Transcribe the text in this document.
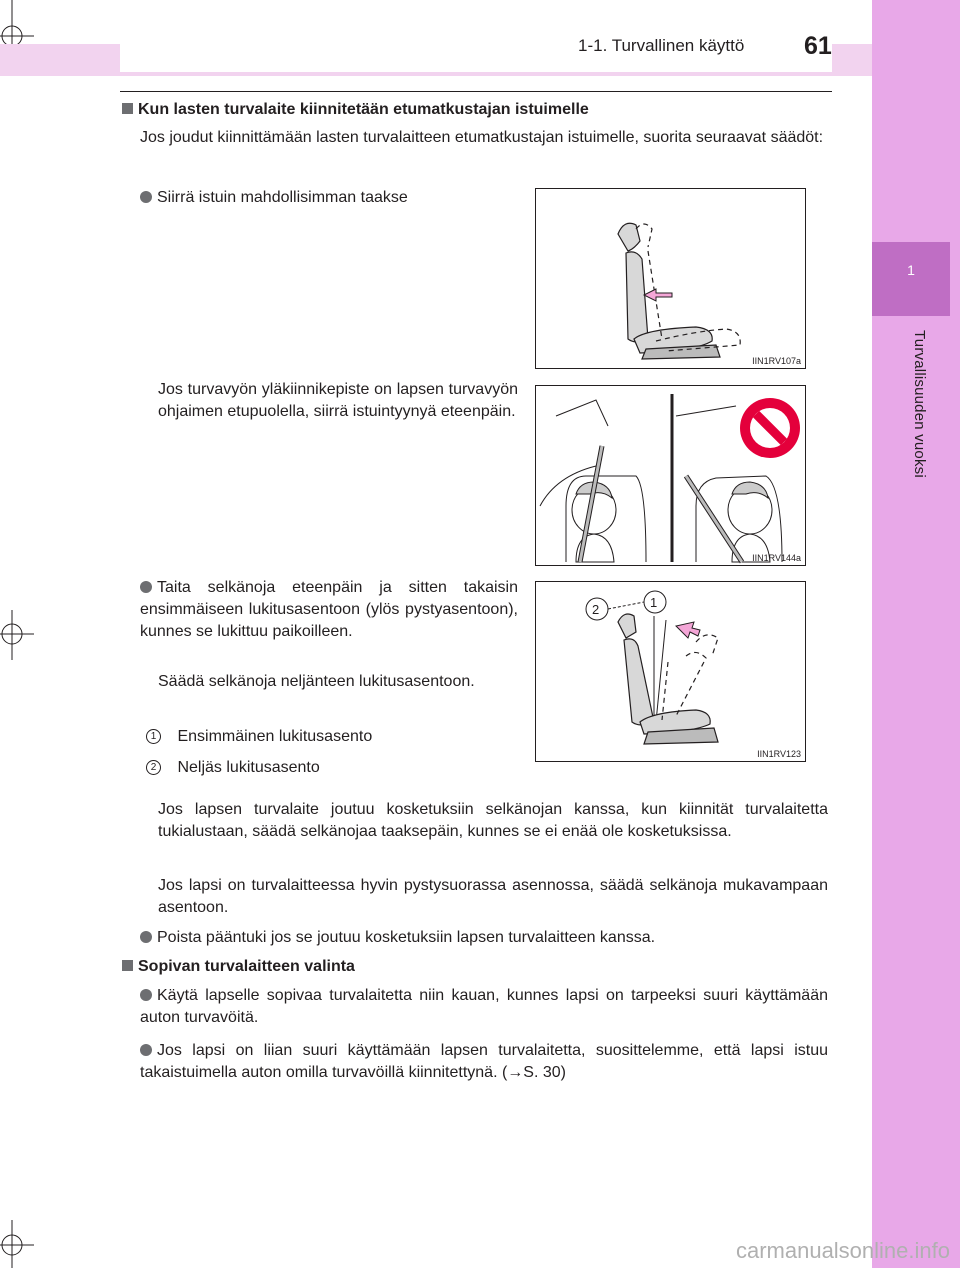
1-1. Turvallinen käyttö 61
1
Turvallisuuden vuoksi
Kun lasten turvalaite kiinnitetään etumatkustajan istuimelle
Jos joudut kiinnittämään lasten turvalaitteen etumatkustajan istuimelle, suorita seuraavat säädöt:
Siirrä istuin mahdollisimman taakse
Jos turvavyön yläkiinnikepiste on lapsen turvavyön ohjaimen etupuolella, siirrä istuintyynyä eteenpäin.
Taita selkänoja eteenpäin ja sitten takaisin ensimmäiseen lukitusasentoon (ylös pystyasentoon), kunnes se lukittuu paikoilleen.
Säädä selkänoja neljänteen lukitusasentoon.
1 Ensimmäinen lukitusasento
2 Neljäs lukitusasento
Jos lapsen turvalaite joutuu kosketuksiin selkänojan kanssa, kun kiinnität turvalaitetta tukialustaan, säädä selkänojaa taaksepäin, kunnes se ei enää ole kosketuksissa.
Jos lapsi on turvalaitteessa hyvin pystysuorassa asennossa, säädä selkänoja mukavampaan asentoon.
Poista pääntuki jos se joutuu kosketuksiin lapsen turvalaitteen kanssa.
Sopivan turvalaitteen valinta
Käytä lapselle sopivaa turvalaitetta niin kauan, kunnes lapsi on tarpeeksi suuri käyttämään auton turvavöitä.
Jos lapsi on liian suuri käyttämään lapsen turvalaitetta, suosittelemme, että lapsi istuu takaistuimella auton omilla turvavöillä kiinnitettynä. (→S. 30)
IIN1RV107a
IIN1RV144a
2	1
IIN1RV123
carmanualsonline.info
